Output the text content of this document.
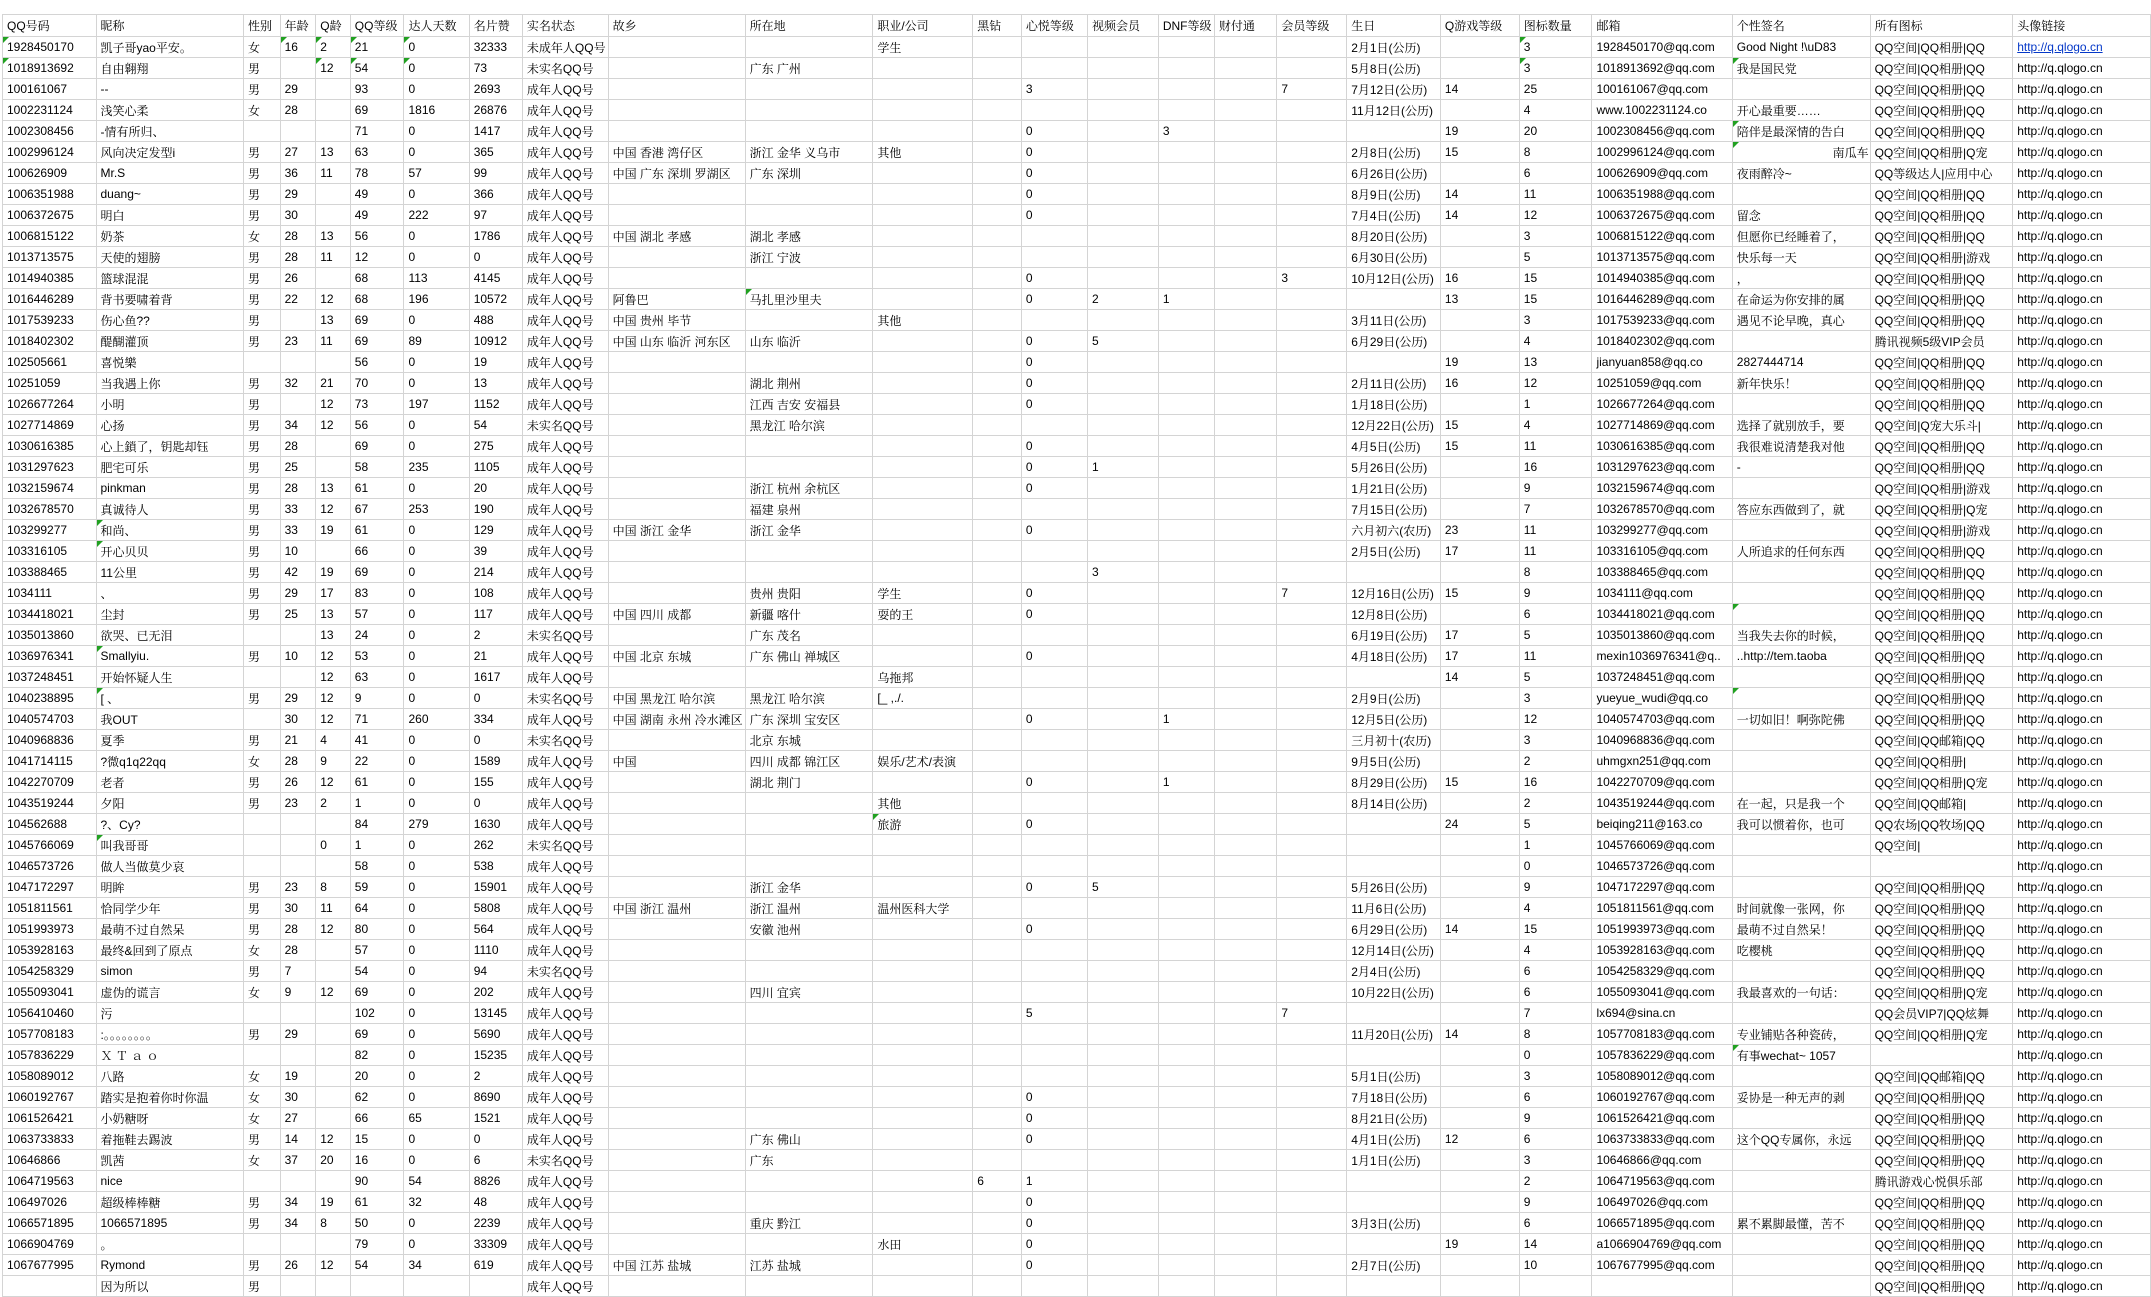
QQ号码	昵称	性别	年龄	Q龄	QQ等级	达人天数	名片赞	实名状态	故乡	所在地	职业/公司	黑钻	心悦等级	视频会员	DNF等级	财付通	会员等级	生日	Q游戏等级	图标数量	邮箱	个性签名	所有图标	头像链接
1928450170	凯子哥yao平安。	女	16	2	21	0	32333	未成年人QQ号			学生							2月1日(公历)		3	1928450170@qq.com	Good Night !\uD83	QQ空间|QQ相册|QQ	http://q.qlogo.cn
1018913692	自由翱翔	男		12	54	0	73	未实名QQ号		广东 广州								5月8日(公历)		3	1018913692@qq.com	我是国民党	QQ空间|QQ相册|QQ	http://q.qlogo.cn
100161067	--	男	29		93	0	2693	成年人QQ号					3				7	7月12日(公历)	14	25	100161067@qq.com		QQ空间|QQ相册|QQ	http://q.qlogo.cn
1002231124	浅笑心柔	女	28		69	1816	26876	成年人QQ号										11月12日(公历)		4	www.1002231124.co	开心最重要……	QQ空间|QQ相册|QQ	http://q.qlogo.cn
1002308456	-情有所归、				71	0	1417	成年人QQ号					0		3				19	20	1002308456@qq.com	陪伴是最深情的告白	QQ空间|QQ相册|QQ	http://q.qlogo.cn
1002996124	风向决定发型i	男	27	13	63	0	365	成年人QQ号	中国 香港 湾仔区	浙江 金华 义乌市	其他		0					2月8日(公历)	15	8	1002996124@qq.com	南瓜车	QQ空间|QQ相册|Q宠	http://q.qlogo.cn
100626909	Mr.S	男	36	11	78	57	99	成年人QQ号	中国 广东 深圳 罗湖区	广东 深圳			0					6月26日(公历)		6	100626909@qq.com	夜雨醉冷~	QQ等级达人|应用中心	http://q.qlogo.cn
1006351988	duang~	男	29		49	0	366	成年人QQ号					0					8月9日(公历)	14	11	1006351988@qq.com		QQ空间|QQ相册|QQ	http://q.qlogo.cn
1006372675	明白	男	30		49	222	97	成年人QQ号					0					7月4日(公历)	14	12	1006372675@qq.com	留念	QQ空间|QQ相册|QQ	http://q.qlogo.cn
1006815122	奶茶	女	28	13	56	0	1786	成年人QQ号	中国 湖北 孝感	湖北 孝感								8月20日(公历)		3	1006815122@qq.com	但愿你已经睡着了，	QQ空间|QQ相册|QQ	http://q.qlogo.cn
1013713575	天使的翅膀	男	28	11	12	0	0	成年人QQ号		浙江 宁波								6月30日(公历)		5	1013713575@qq.com	快乐每一天	QQ空间|QQ相册|游戏	http://q.qlogo.cn
1014940385	篮球混混	男	26		68	113	4145	成年人QQ号					0				3	10月12日(公历)	16	15	1014940385@qq.com	，	QQ空间|QQ相册|QQ	http://q.qlogo.cn
1016446289	背书要啸着背	男	22	12	68	196	10572	成年人QQ号	阿鲁巴	马扎里沙里夫			0	2	1				13	15	1016446289@qq.com	在命运为你安排的属	QQ空间|QQ相册|QQ	http://q.qlogo.cn
1017539233	伤心鱼??	男		13	69	0	488	成年人QQ号	中国 贵州 毕节		其他							3月11日(公历)		3	1017539233@qq.com	遇见不论早晚，真心	QQ空间|QQ相册|QQ	http://q.qlogo.cn
1018402302	醍醐灌顶	男	23	11	69	89	10912	成年人QQ号	中国 山东 临沂 河东区	山东 临沂			0	5				6月29日(公历)		4	1018402302@qq.com		腾讯视频5级VIP会员	http://q.qlogo.cn
102505661	喜悦樂				56	0	19	成年人QQ号					0						19	13	jianyuan858@qq.co	2827444714	QQ空间|QQ相册|QQ	http://q.qlogo.cn
10251059	当我遇上你	男	32	21	70	0	13	成年人QQ号		湖北 荆州			0					2月11日(公历)	16	12	10251059@qq.com	新年快乐！	QQ空间|QQ相册|QQ	http://q.qlogo.cn
1026677264	小明	男		12	73	197	1152	成年人QQ号		江西 吉安 安福县			0					1月18日(公历)		1	1026677264@qq.com		QQ空间|QQ相册|QQ	http://q.qlogo.cn
1027714869	心扬	男	34	12	56	0	54	未实名QQ号		黑龙江 哈尔滨								12月22日(公历)	15	4	1027714869@qq.com	选择了就别放手，要	QQ空间|Q宠大乐斗|	http://q.qlogo.cn
1030616385	心上鎖了，钥匙却钰	男	28		69	0	275	成年人QQ号					0					4月5日(公历)	15	11	1030616385@qq.com	我很难说清楚我对他	QQ空间|QQ相册|QQ	http://q.qlogo.cn
1031297623	肥宅可乐	男	25		58	235	1105	成年人QQ号					0	1				5月26日(公历)		16	1031297623@qq.com	-	QQ空间|QQ相册|QQ	http://q.qlogo.cn
1032159674	pinkman	男	28	13	61	0	20	成年人QQ号		浙江 杭州 余杭区			0					1月21日(公历)		9	1032159674@qq.com		QQ空间|QQ相册|游戏	http://q.qlogo.cn
1032678570	真诚待人	男	33	12	67	253	190	成年人QQ号		福建 泉州								7月15日(公历)		7	1032678570@qq.com	答应东西做到了，就	QQ空间|QQ相册|Q宠	http://q.qlogo.cn
103299277	和尚、	男	33	19	61	0	129	成年人QQ号	中国 浙江 金华	浙江 金华			0					六月初六(农历)	23	11	103299277@qq.com		QQ空间|QQ相册|游戏	http://q.qlogo.cn
103316105	开心贝贝	男	10		66	0	39	成年人QQ号										2月5日(公历)	17	11	103316105@qq.com	人所追求的任何东西	QQ空间|QQ相册|QQ	http://q.qlogo.cn
103388465	11公里	男	42	19	69	0	214	成年人QQ号						3						8	103388465@qq.com		QQ空间|QQ相册|QQ	http://q.qlogo.cn
1034111	、	男	29	17	83	0	108	成年人QQ号		贵州 贵阳	学生		0				7	12月16日(公历)	15	9	1034111@qq.com		QQ空间|QQ相册|QQ	http://q.qlogo.cn
1034418021	尘封	男	25	13	57	0	117	成年人QQ号	中国 四川 成都	新疆 喀什	耍的王		0					12月8日(公历)		6	1034418021@qq.com		QQ空间|QQ相册|QQ	http://q.qlogo.cn
1035013860	欲哭、已无泪			13	24	0	2	未实名QQ号		广东 茂名								6月19日(公历)	17	5	1035013860@qq.com	当我失去你的时候，	QQ空间|QQ相册|QQ	http://q.qlogo.cn
1036976341	Smallyiu.	男	10	12	53	0	21	成年人QQ号	中国 北京 东城	广东 佛山 禅城区			0					4月18日(公历)	17	11	mexin1036976341@q..	..http://tem.taoba	QQ空间|QQ相册|QQ	http://q.qlogo.cn
1037248451	开始怀疑人生			12	63	0	1617	成年人QQ号			乌拖邦								14	5	1037248451@qq.com		QQ空间|QQ相册|QQ	http://q.qlogo.cn
1040238895	[ 、	男	29	12	9	0	0	未实名QQ号	中国 黑龙江 哈尔滨	黑龙江 哈尔滨	[_ ,./.							2月9日(公历)		3	yueyue_wudi@qq.co		QQ空间|QQ相册|QQ	http://q.qlogo.cn
1040574703	我OUT		30	12	71	260	334	成年人QQ号	中国 湖南 永州 冷水滩区	广东 深圳 宝安区			0		1			12月5日(公历)		12	1040574703@qq.com	一切如旧！啊弥陀佛	QQ空间|QQ相册|QQ	http://q.qlogo.cn
1040968836	夏季	男	21	4	41	0	0	未实名QQ号		北京 东城								三月初十(农历)		3	1040968836@qq.com		QQ空间|QQ邮箱|QQ	http://q.qlogo.cn
1041714115	?微q1q22qq	女	28	9	22	0	1589	成年人QQ号	中国	四川 成都 锦江区	娱乐/艺术/表演							9月5日(公历)		2	uhmgxn251@qq.com		QQ空间|QQ相册|	http://q.qlogo.cn
1042270709	老者	男	26	12	61	0	155	成年人QQ号		湖北 荆门			0		1			8月29日(公历)	15	16	1042270709@qq.com		QQ空间|QQ相册|Q宠	http://q.qlogo.cn
1043519244	夕阳	男	23	2	1	0	0	成年人QQ号			其他							8月14日(公历)		2	1043519244@qq.com	在一起，只是我一个	QQ空间|QQ邮箱|	http://q.qlogo.cn
104562688	?、Cy?				84	279	1630	成年人QQ号			旅游		0						24	5	beiqing211@163.co	我可以惯着你，也可	QQ农场|QQ牧场|QQ	http://q.qlogo.cn
1045766069	叫我哥哥			0	1	0	262	未实名QQ号												1	1045766069@qq.com		QQ空间|	http://q.qlogo.cn
1046573726	做人当做莫少哀				58	0	538	成年人QQ号												0	1046573726@qq.com			http://q.qlogo.cn
1047172297	明眸	男	23	8	59	0	15901	成年人QQ号		浙江 金华			0	5				5月26日(公历)		9	1047172297@qq.com		QQ空间|QQ相册|QQ	http://q.qlogo.cn
1051811561	恰同学少年	男	30	11	64	0	5808	成年人QQ号	中国 浙江 温州	浙江 温州	温州医科大学							11月6日(公历)		4	1051811561@qq.com	时间就像一张网，你	QQ空间|QQ相册|QQ	http://q.qlogo.cn
1051993973	最萌不过自然呆	男	28	12	80	0	564	成年人QQ号		安徽 池州			0					6月29日(公历)	14	15	1051993973@qq.com	最萌不过自然呆！	QQ空间|QQ相册|QQ	http://q.qlogo.cn
1053928163	最终&回到了原点	女	28		57	0	1110	成年人QQ号										12月14日(公历)		4	1053928163@qq.com	吃樱桃	QQ空间|QQ相册|QQ	http://q.qlogo.cn
1054258329	simon	男	7		54	0	94	未实名QQ号										2月4日(公历)		6	1054258329@qq.com		QQ空间|QQ相册|QQ	http://q.qlogo.cn
1055093041	虚伪的谎言	女	9	12	69	0	202	成年人QQ号		四川 宜宾								10月22日(公历)		6	1055093041@qq.com	我最喜欢的一句话：	QQ空间|QQ相册|Q宠	http://q.qlogo.cn
1056410460	污				102	0	13145	成年人QQ号					5				7			7	lx694@sina.cn		QQ会员VIP7|QQ炫舞	http://q.qlogo.cn
1057708183	:。。。。。。。。	男	29		69	0	5690	成年人QQ号										11月20日(公历)	14	8	1057708183@qq.com	专业铺贴各种瓷砖，	QQ空间|QQ相册|Q宠	http://q.qlogo.cn
1057836229	Ｘ Ｔ ａ ｏ				82	0	15235	成年人QQ号												0	1057836229@qq.com	有事wechat~ 1057		http://q.qlogo.cn
1058089012	八路	女	19		20	0	2	成年人QQ号										5月1日(公历)		3	1058089012@qq.com		QQ空间|QQ邮箱|QQ	http://q.qlogo.cn
1060192767	踏实是抱着你时你温	女	30		62	0	8690	成年人QQ号					0					7月18日(公历)		6	1060192767@qq.com	妥协是一种无声的剥	QQ空间|QQ相册|QQ	http://q.qlogo.cn
1061526421	小奶糖呀	女	27		66	65	1521	成年人QQ号					0					8月21日(公历)		9	1061526421@qq.com		QQ空间|QQ相册|QQ	http://q.qlogo.cn
1063733833	着拖鞋去踢波	男	14	12	15	0	0	成年人QQ号		广东 佛山			0					4月1日(公历)	12	6	1063733833@qq.com	这个QQ专属你，永远	QQ空间|QQ相册|QQ	http://q.qlogo.cn
10646866	凯茜	女	37	20	16	0	6	未实名QQ号		广东								1月1日(公历)		3	10646866@qq.com		QQ空间|QQ相册|QQ	http://q.qlogo.cn
1064719563	nice				90	54	8826	成年人QQ号				6	1							2	1064719563@qq.com		腾讯游戏心悦俱乐部	http://q.qlogo.cn
106497026	超级棒棒糖	男	34	19	61	32	48	成年人QQ号					0							9	106497026@qq.com		QQ空间|QQ相册|QQ	http://q.qlogo.cn
1066571895	1066571895	男	34	8	50	0	2239	成年人QQ号		重庆 黔江			0					3月3日(公历)		6	1066571895@qq.com	累不累脚最懂，苦不	QQ空间|QQ相册|QQ	http://q.qlogo.cn
1066904769	。				79	0	33309	成年人QQ号			水田		0						19	14	a1066904769@qq.com		QQ空间|QQ相册|QQ	http://q.qlogo.cn
1067677995	Rymond	男	26	12	54	34	619	成年人QQ号	中国 江苏 盐城	江苏 盐城			0					2月7日(公历)		10	1067677995@qq.com		QQ空间|QQ相册|QQ	http://q.qlogo.cn
	因为所以	男						成年人QQ号															QQ空间|QQ相册|QQ	http://q.qlogo.cn
